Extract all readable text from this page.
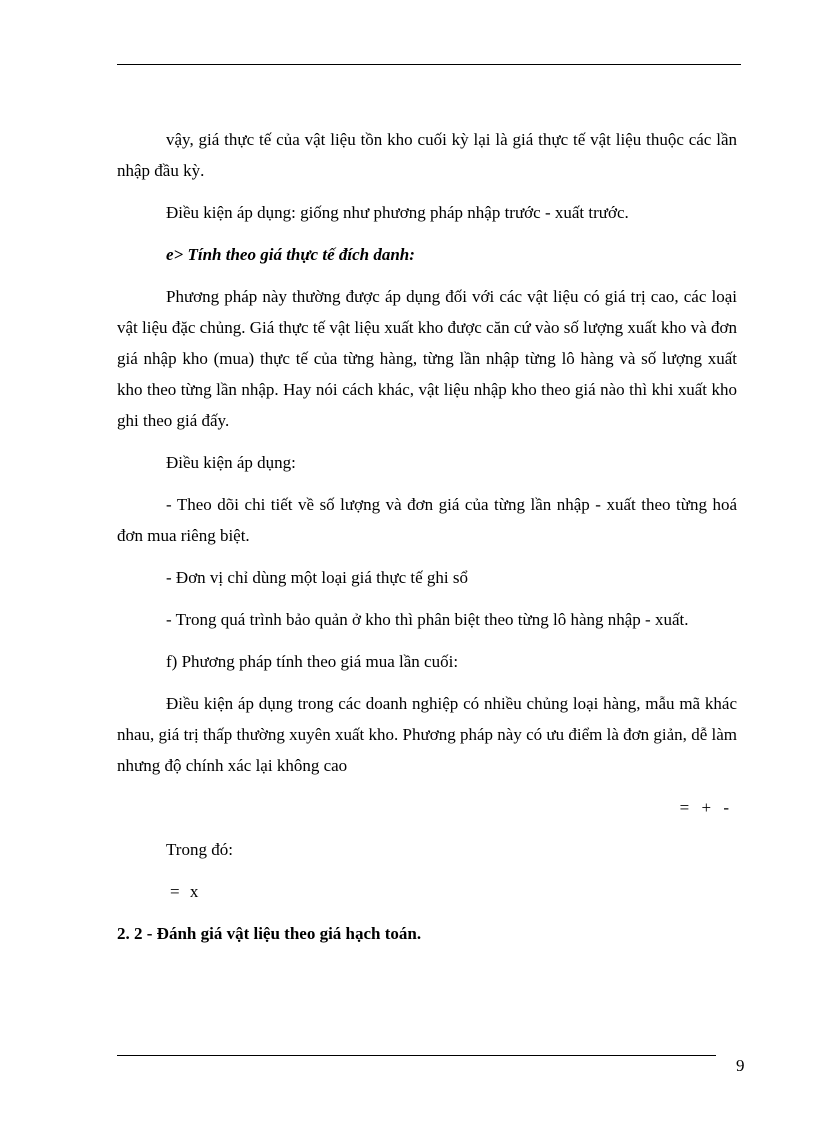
vậy, giá thực tế của vật liệu tồn kho cuối kỳ lại là giá thực tế vật liệu thuộc các lần nhập đầu kỳ.

Điều kiện áp dụng: giống như phương pháp nhập trước - xuất trước.

e> Tính theo giá thực tế đích danh:

Phương pháp này thường được áp dụng đối với các vật liệu có giá trị cao, các loại vật liệu đặc chủng. Giá thực tế vật liệu xuất kho được căn cứ vào số lượng xuất kho và đơn giá nhập kho (mua) thực tế của từng hàng, từng lần nhập từng lô hàng và số lượng xuất kho theo từng lần nhập. Hay nói cách khác, vật liệu nhập kho theo giá nào thì khi xuất kho ghi theo giá đấy.

Điều kiện áp dụng:

- Theo dõi chi tiết về số lượng và đơn giá của từng lần nhập - xuất theo từng hoá đơn mua riêng biệt.

- Đơn vị chỉ dùng một loại giá thực tế ghi sổ

- Trong quá trình bảo quản ở kho thì phân biệt theo từng lô hàng nhập - xuất.

f) Phương pháp tính theo giá mua lần cuối:

Điều kiện áp dụng trong các doanh nghiệp có nhiều chủng loại hàng, mẫu mã khác nhau, giá trị thấp thường xuyên xuất kho. Phương pháp này có ưu điểm là đơn giản, dễ làm nhưng độ chính xác lại không cao

= + -

Trong đó:

= x

2. 2 - Đánh giá vật liệu theo giá hạch toán.

9
